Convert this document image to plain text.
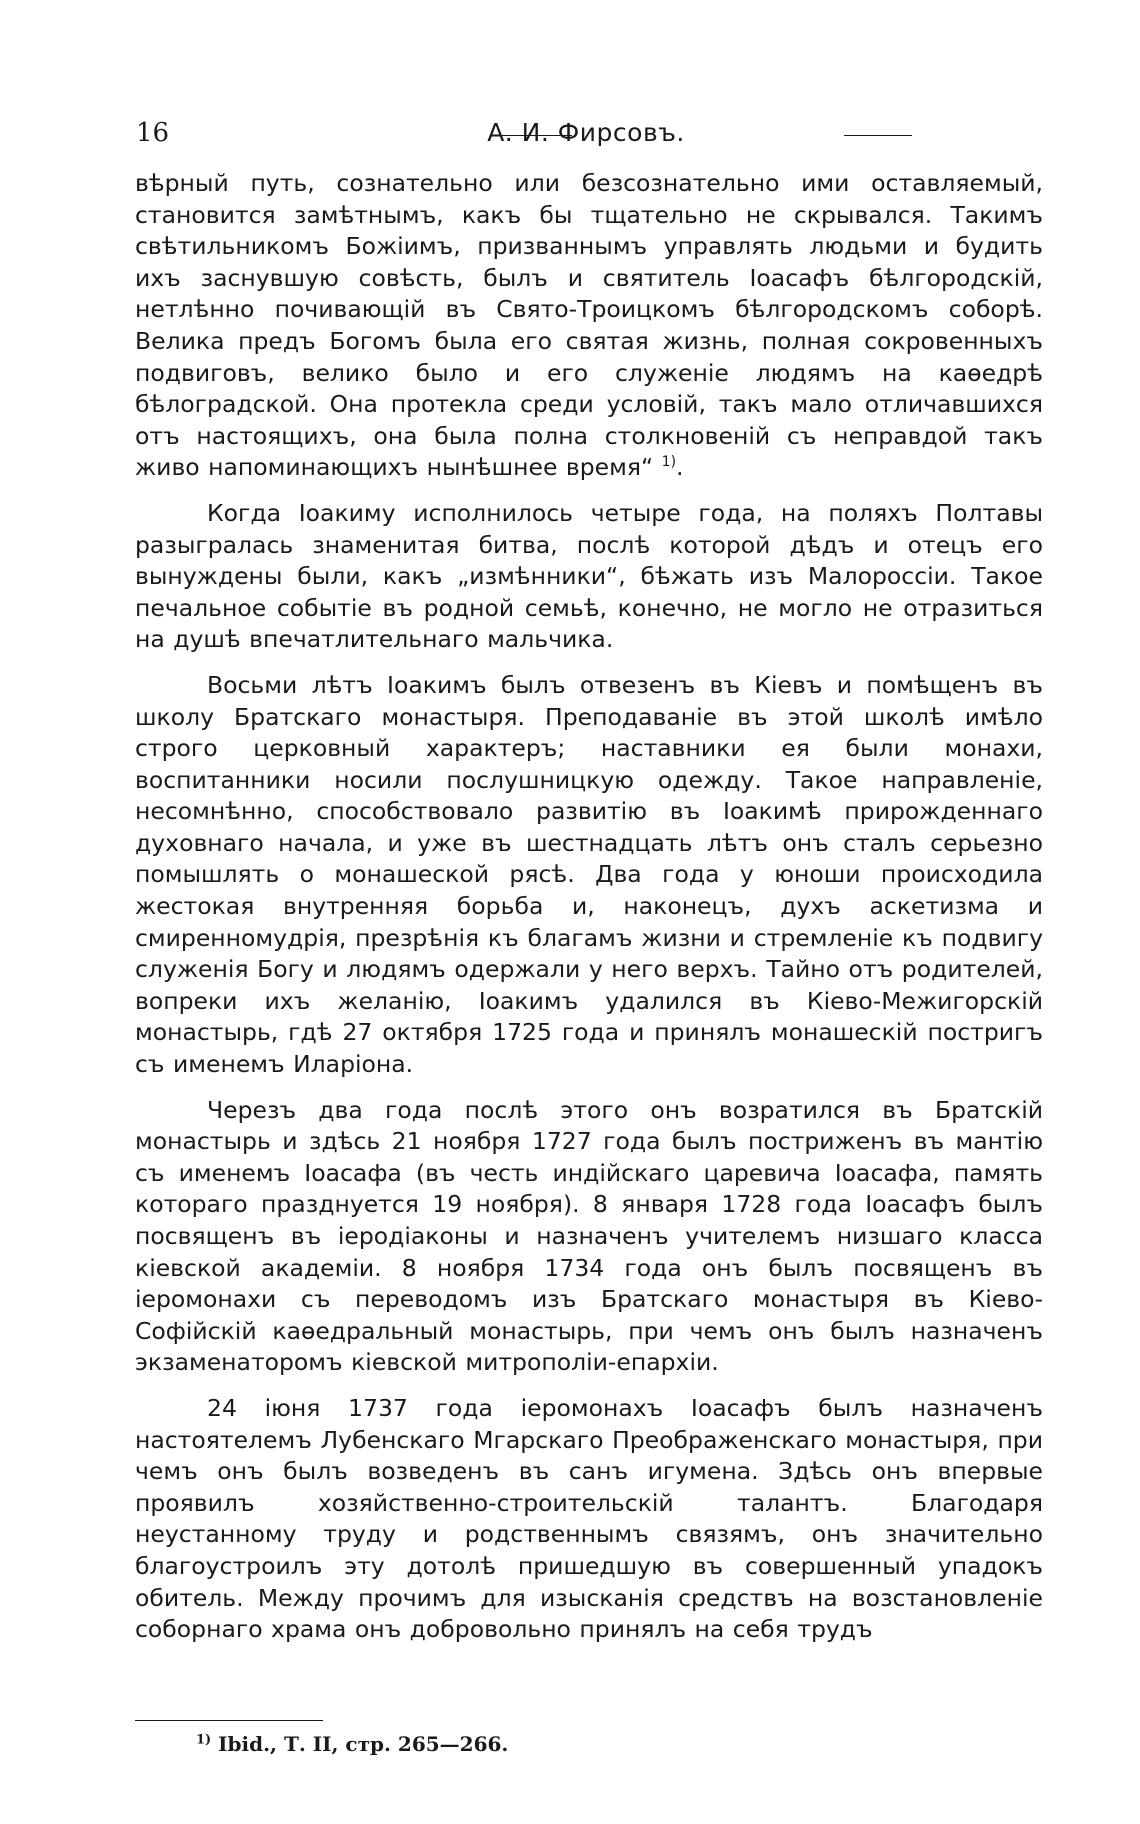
16	А. И. Фирсовъ.

вѣрный путь, сознательно или безсознательно ими оставляемый, становится замѣтнымъ, какъ бы тщательно не скрывался. Такимъ свѣтильникомъ Божіимъ, призваннымъ управлять людьми и будить ихъ заснувшую совѣсть, былъ и святитель Іоасафъ бѣлгородскій, нетлѣнно почивающій въ Свято-Троицкомъ бѣлгородскомъ соборѣ. Велика предъ Богомъ была его святая жизнь, полная сокровенныхъ подвиговъ, велико было и его служеніе людямъ на каѳедрѣ бѣлоградской. Она протекла среди условій, такъ мало отличавшихся отъ настоящихъ, она была полна столкновеній съ неправдой такъ живо напоминающихъ нынѣшнее время“ $^{1)}$.

Когда Іоакиму исполнилось четыре года, на поляхъ Полтавы разыгралась знаменитая битва, послѣ которой дѣдъ и отецъ его вынуждены были, какъ „измѣнники“, бѣжать изъ Малороссіи. Такое печальное событіе въ родной семьѣ, конечно, не могло не отразиться на душѣ впечатлительнаго мальчика.

Восьми лѣтъ Іоакимъ былъ отвезенъ въ Кіевъ и помѣщенъ въ школу Братскаго монастыря. Преподаваніе въ этой школѣ имѣло строго церковный характеръ; наставники ея были монахи, воспитанники носили послушницкую одежду. Такое направленіе, несомнѣнно, способствовало развитію въ Іоакимѣ прирожденнаго духовнаго начала, и уже въ шестнадцать лѣтъ онъ сталъ серьезно помышлять о монашеской рясѣ. Два года у юноши происходила жестокая внутренняя борьба и, наконецъ, духъ аскетизма и смиренномудрія, презрѣнія къ благамъ жизни и стремленіе къ подвигу служенія Богу и людямъ одержали у него верхъ. Тайно отъ родителей, вопреки ихъ желанію, Іоакимъ удалился въ Кіево-Межигорскій монастырь, гдѣ 27 октября 1725 года и принялъ монашескій постригъ съ именемъ Иларіона.

Черезъ два года послѣ этого онъ возратился въ Братскій монастырь и здѣсь 21 ноября 1727 года былъ постриженъ въ мантію съ именемъ Іоасафа (въ честь индійскаго царевича Іоасафа, память котораго празднуется 19 ноября). 8 января 1728 года Іоасафъ былъ посвященъ въ іеродіаконы и назначенъ учителемъ низшаго класса кіевской академіи. 8 ноября 1734 года онъ былъ посвященъ въ іеромонахи съ переводомъ изъ Братскаго монастыря въ Кіево-Софійскій каѳедральный монастырь, при чемъ онъ былъ назначенъ экзаменаторомъ кіевской митрополіи-епархіи.

24 іюня 1737 года іеромонахъ Іоасафъ былъ назначенъ настоятелемъ Лубенскаго Мгарскаго Преображенскаго монастыря, при чемъ онъ былъ возведенъ въ санъ игумена. Здѣсь онъ впервые проявилъ хозяйственно-строительскій талантъ. Благодаря неустанному труду и родственнымъ связямъ, онъ значительно благоустроилъ эту дотолѣ пришедшую въ совершенный упадокъ обитель. Между прочимъ для изысканія средствъ на возстановленіе соборнаго храма онъ добровольно принялъ на себя трудъ

$^{1)}$ Ibid., Т. II, стр. 265—266.
